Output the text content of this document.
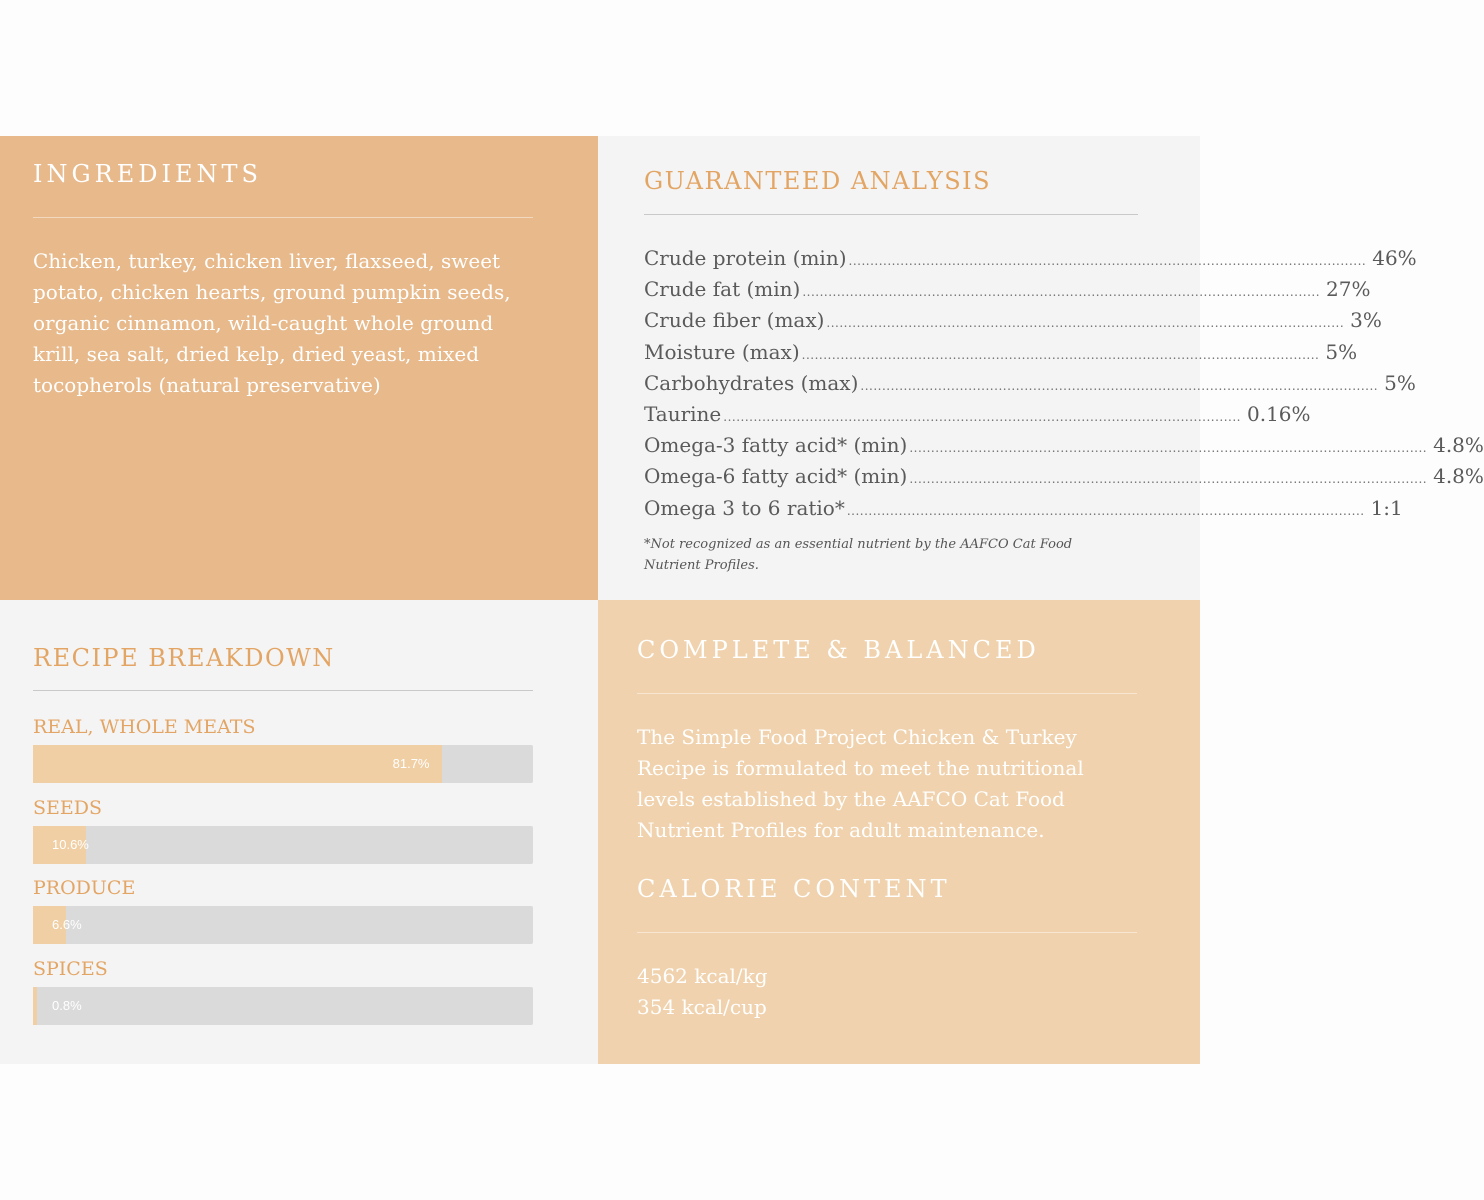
INGREDIENTS

Chicken, turkey, chicken liver, flaxseed, sweet potato, chicken hearts, ground pumpkin seeds, organic cinnamon, wild-caught whole ground krill, sea salt, dried kelp, dried yeast, mixed tocopherols (natural preservative)

GUARANTEED ANALYSIS
Crude protein (min) ........................................................................................................................ 46%
Crude fat (min) ........................................................................................................................ 27%
Crude fiber (max) ........................................................................................................................ 3%
Moisture (max) ........................................................................................................................ 5%
Carbohydrates (max) ........................................................................................................................ 5%
Taurine ........................................................................................................................ 0.16%
Omega-3 fatty acid* (min) ........................................................................................................................ 4.8%
Omega-6 fatty acid* (min) ........................................................................................................................ 4.8%
Omega 3 to 6 ratio* ........................................................................................................................ 1:1

*Not recognized as an essential nutrient by the AAFCO Cat Food Nutrient Profiles.

RECIPE BREAKDOWN

REAL, WHOLE MEATS

81.7%

SEEDS

10.6%

PRODUCE

6.6%

SPICES

0.8%
COMPLETE & BALANCED

The Simple Food Project Chicken & Turkey Recipe is formulated to meet the nutritional levels established by the AAFCO Cat Food Nutrient Profiles for adult maintenance.

CALORIE CONTENT

4562 kcal/kg

354 kcal/cup
